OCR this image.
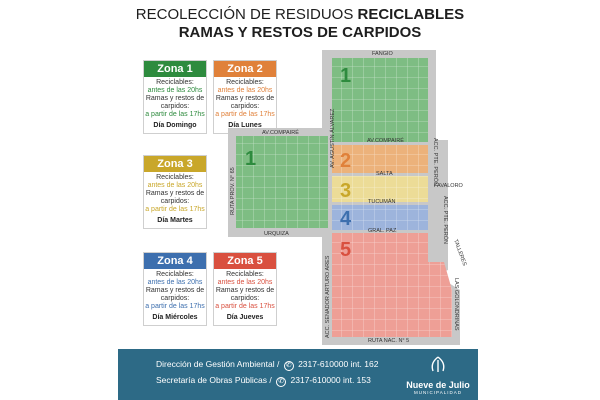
RECOLECCIÓN DE RESIDUOS RECICLABLES
RAMAS Y RESTOS DE CARPIDOS
Zona 1
Reciclables:
antes de las 20hs
Ramas y restos de carpidos:
a partir de las 17hs
Día Domingo
Zona 2
Reciclables:
antes de las 20hs
Ramas y restos de carpidos:
a partir de las 17hs
Día Lunes
Zona 3
Reciclables:
antes de las 20hs
Ramas y restos de carpidos:
a partir de las 17hs
Día Martes
Zona 4
Reciclables:
antes de las 20hs
Ramas y restos de carpidos:
a partir de las 17hs
Día Miércoles
Zona 5
Reciclables:
antes de las 20hs
Ramas y restos de carpidos:
a partir de las 17hs
Día Jueves
1
1	2
3
4
5
FANGIO
AV.COMPAIRÉ
AV.COMPAIRÉ
SALTA
TUCUMÁN
GRAL. PAZ
URQUIZA
FAVALORO
RUTA NAC. N° 5
RUTA PROV. N° 65
AV. AGUSTÍN ÁLVAREZ	ACC. PTE. PERÓN
ACC. PTE. PERÓN
ACC. SENADOR ARTURO ARES	LAS GOLONDRINAS
TALLERES
Dirección de Gestión Ambiental / ✆ 2317-610000 int. 162
Secretaría de Obras Públicas / ✆ 2317-610000 int. 153	Nueve de Julio
MUNICIPALIDAD
